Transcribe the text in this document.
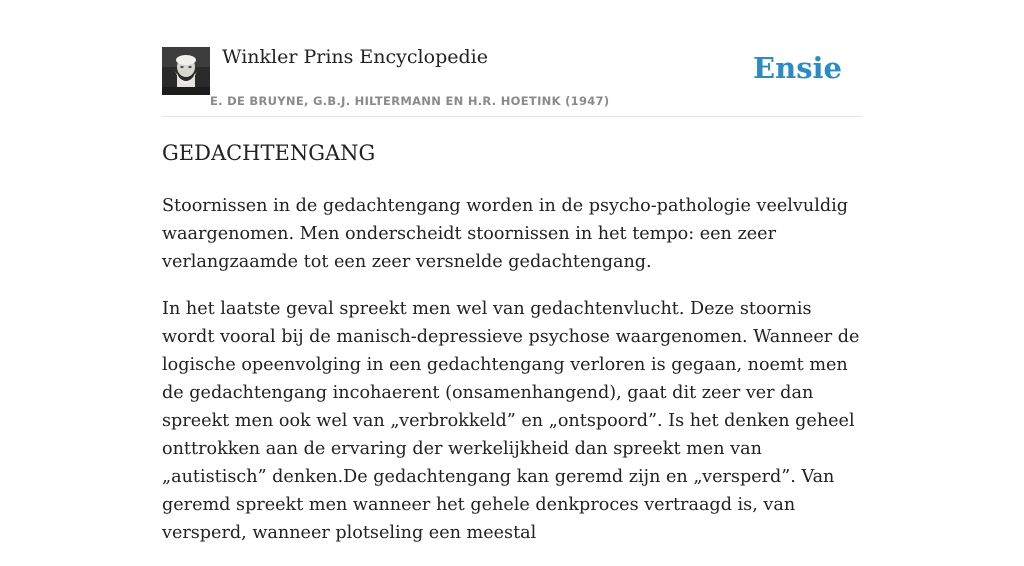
Winkler Prins Encyclopedie
E. DE BRUYNE, G.B.J. HILTERMANN EN H.R. HOETINK (1947)
Ensie
GEDACHTENGANG

Stoornissen in de gedachtengang worden in de psycho-pathologie veelvuldig waargenomen. Men onderscheidt stoornissen in het tempo: een zeer verlangzaamde tot een zeer versnelde gedachtengang.

In het laatste geval spreekt men wel van gedachtenvlucht. Deze stoornis wordt vooral bij de manisch-depressieve psychose waargenomen. Wanneer de logische opeenvolging in een gedachtengang verloren is gegaan, noemt men de gedachtengang incohaerent (onsamenhangend), gaat dit zeer ver dan spreekt men ook wel van „verbrokkeld” en „ontspoord”. Is het denken geheel onttrokken aan de ervaring der werkelijkheid dan spreekt men van „autistisch” denken.De gedachtengang kan geremd zijn en „versperd”. Van geremd spreekt men wanneer het gehele denkproces vertraagd is, van versperd, wanneer plotseling een meestal
